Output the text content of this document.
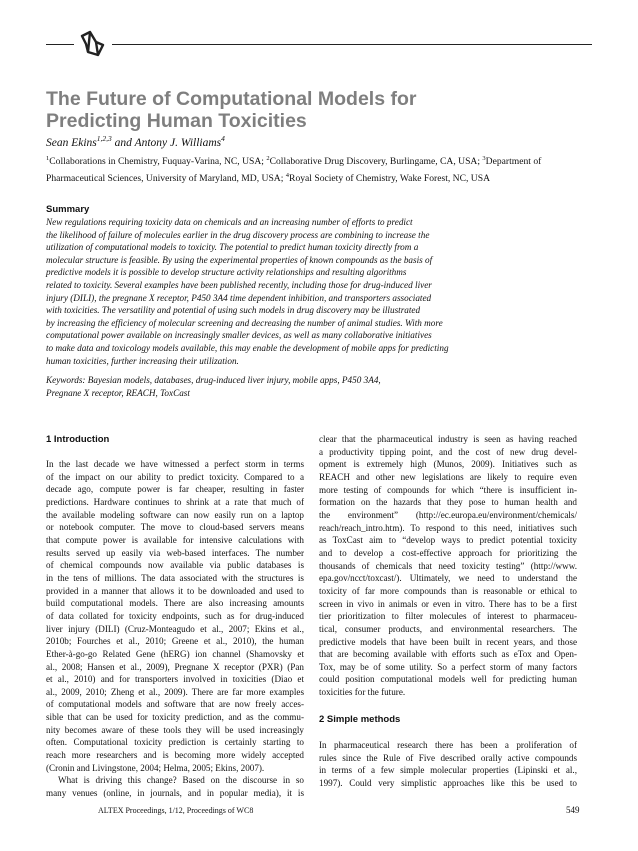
The Future of Computational Models for
Predicting Human Toxicities
Sean Ekins$^{1,2,3}$ and Antony J. Williams$^4$
$^1$Collaborations in Chemistry, Fuquay-Varina, NC, USA; $^2$Collaborative Drug Discovery, Burlingame, CA, USA; $^3$Department of Pharmaceutical Sciences, University of Maryland, MD, USA; $^4$Royal Society of Chemistry, Wake Forest, NC, USA
Summary
New regulations requiring toxicity data on chemicals and an increasing number of efforts to predict
the likelihood of failure of molecules earlier in the drug discovery process are combining to increase the
utilization of computational models to toxicity. The potential to predict human toxicity directly from a
molecular structure is feasible. By using the experimental properties of known compounds as the basis of
predictive models it is possible to develop structure activity relationships and resulting algorithms
related to toxicity. Several examples have been published recently, including those for drug-induced liver
injury (DILI), the pregnane X receptor, P450 3A4 time dependent inhibition, and transporters associated
with toxicities. The versatility and potential of using such models in drug discovery may be illustrated
by increasing the efficiency of molecular screening and decreasing the number of animal studies. With more
computational power available on increasingly smaller devices, as well as many collaborative initiatives
to make data and toxicology models available, this may enable the development of mobile apps for predicting
human toxicities, further increasing their utilization.
Keywords: Bayesian models, databases, drug-induced liver injury, mobile apps, P450 3A4,
Pregnane X receptor, REACH, ToxCast
1 Introduction
In the last decade we have witnessed a perfect storm in terms
of the impact on our ability to predict toxicity. Compared to a
decade ago, compute power is far cheaper, resulting in faster
predictions. Hardware continues to shrink at a rate that much of
the available modeling software can now easily run on a laptop
or notebook computer. The move to cloud-based servers means
that compute power is available for intensive calculations with
results served up easily via web-based interfaces. The number
of chemical compounds now available via public databases is
in the tens of millions. The data associated with the structures is
provided in a manner that allows it to be downloaded and used to
build computational models. There are also increasing amounts
of data collated for toxicity endpoints, such as for drug-induced
liver injury (DILI) (Cruz-Monteagudo et al., 2007; Ekins et al.,
2010b; Fourches et al., 2010; Greene et al., 2010), the human
Ether-à-go-go Related Gene (hERG) ion channel (Shamovsky et
al., 2008; Hansen et al., 2009), Pregnane X receptor (PXR) (Pan
et al., 2010) and for transporters involved in toxicities (Diao et
al., 2009, 2010; Zheng et al., 2009). There are far more examples
of computational models and software that are now freely acces-
sible that can be used for toxicity prediction, and as the commu-
nity becomes aware of these tools they will be used increasingly
often. Computational toxicity prediction is certainly starting to
reach more researchers and is becoming more widely accepted
(Cronin and Livingstone, 2004; Helma, 2005; Ekins, 2007).
What is driving this change? Based on the discourse in so
many venues (online, in journals, and in popular media), it is
clear that the pharmaceutical industry is seen as having reached
a productivity tipping point, and the cost of new drug devel-
opment is extremely high (Munos, 2009). Initiatives such as
REACH and other new legislations are likely to require even
more testing of compounds for which “there is insufficient in-
formation on the hazards that they pose to human health and
the environment” (http://ec.europa.eu/environment/chemicals/
reach/reach_intro.htm). To respond to this need, initiatives such
as ToxCast aim to “develop ways to predict potential toxicity
and to develop a cost-effective approach for prioritizing the
thousands of chemicals that need toxicity testing” (http://www.
epa.gov/ncct/toxcast/). Ultimately, we need to understand the
toxicity of far more compounds than is reasonable or ethical to
screen in vivo in animals or even in vitro. There has to be a first
tier prioritization to filter molecules of interest to pharmaceu-
tical, consumer products, and environmental researchers. The
predictive models that have been built in recent years, and those
that are becoming available with efforts such as eTox and Open-
Tox, may be of some utility. So a perfect storm of many factors
could position computational models well for predicting human
toxicities for the future.
2 Simple methods
In pharmaceutical research there has been a proliferation of
rules since the Rule of Five described orally active compounds
in terms of a few simple molecular properties (Lipinski et al.,
1997). Could very simplistic approaches like this be used to
ALTEX Proceedings, 1/12, Proceedings of WC8	549
